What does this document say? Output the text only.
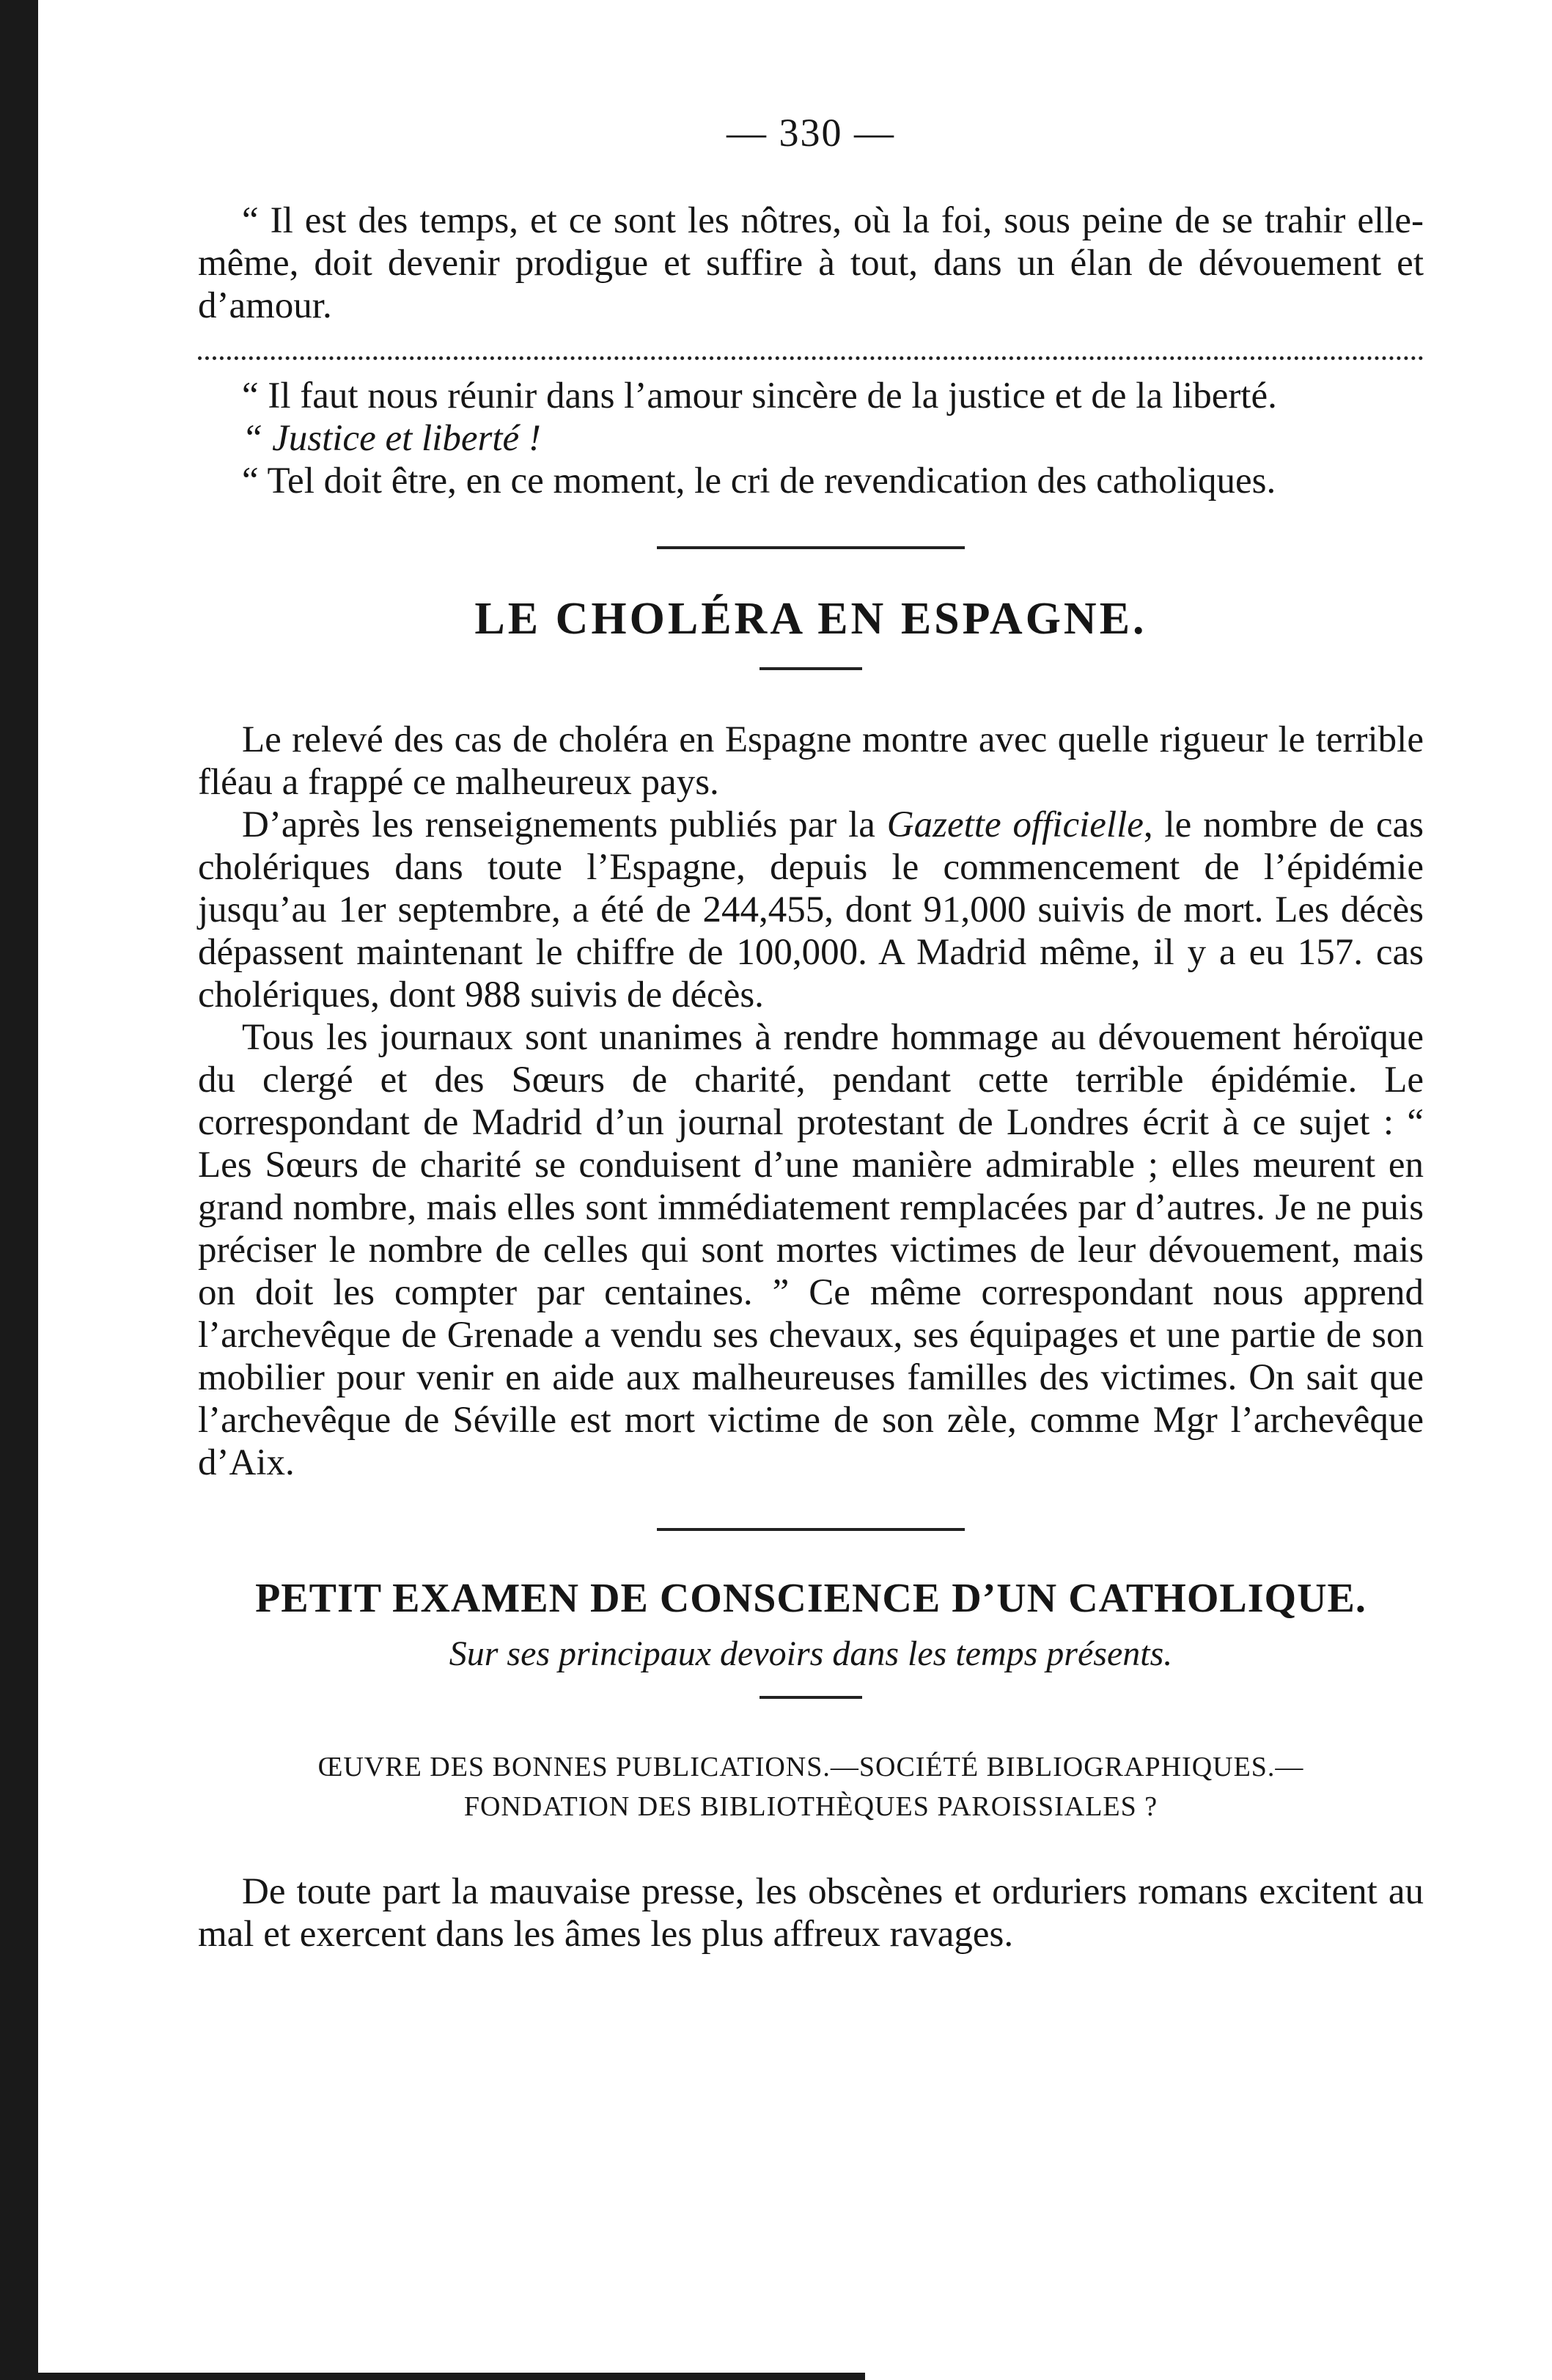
— 330 —

“ Il est des temps, et ce sont les nôtres, où la foi, sous peine de se trahir elle-même, doit devenir prodigue et suffire à tout, dans un élan de dévouement et d’amour.

“ Il faut nous réunir dans l’amour sincère de la justice et de la liberté.

“ Justice et liberté !

“ Tel doit être, en ce moment, le cri de revendication des catholiques.

LE CHOLÉRA EN ESPAGNE.

Le relevé des cas de choléra en Espagne montre avec quelle rigueur le terrible fléau a frappé ce malheureux pays.

D’après les renseignements publiés par la Gazette officielle, le nombre de cas cholériques dans toute l’Espagne, depuis le commencement de l’épidémie jusqu’au 1er septembre, a été de 244,455, dont 91,000 suivis de mort. Les décès dépassent maintenant le chiffre de 100,000. A Madrid même, il y a eu 157. cas cholériques, dont 988 suivis de décès.

Tous les journaux sont unanimes à rendre hommage au dévouement héroïque du clergé et des Sœurs de charité, pendant cette terrible épidémie. Le correspondant de Madrid d’un journal protestant de Londres écrit à ce sujet : “ Les Sœurs de charité se conduisent d’une manière admirable ; elles meurent en grand nombre, mais elles sont immédiatement remplacées par d’autres. Je ne puis préciser le nombre de celles qui sont mortes victimes de leur dévouement, mais on doit les compter par centaines. ” Ce même correspondant nous apprend l’archevêque de Grenade a vendu ses chevaux, ses équipages et une partie de son mobilier pour venir en aide aux malheureuses familles des victimes. On sait que l’archevêque de Séville est mort victime de son zèle, comme Mgr l’archevêque d’Aix.

PETIT EXAMEN DE CONSCIENCE D’UN CATHOLIQUE.

Sur ses principaux devoirs dans les temps présents.

ŒUVRE DES BONNES PUBLICATIONS.—SOCIÉTÉ BIBLIOGRAPHIQUES.—

FONDATION DES BIBLIOTHÈQUES PAROISSIALES ?

De toute part la mauvaise presse, les obscènes et orduriers romans excitent au mal et exercent dans les âmes les plus affreux ravages.
